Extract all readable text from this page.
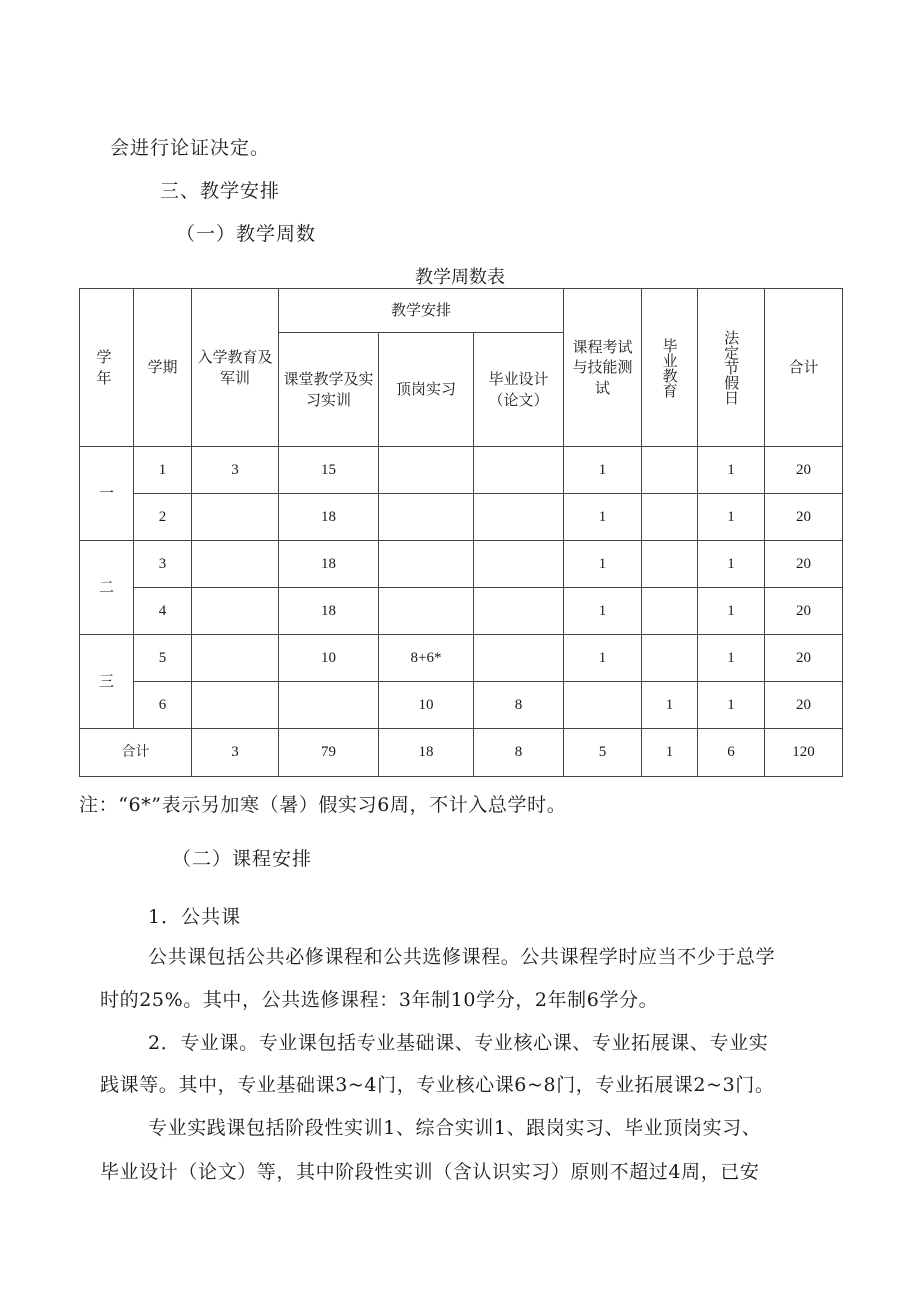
会进行论证决定。
三、教学安排
（一）教学周数
教学周数表
学年	学期	入学教育及军训	教学安排			课程考试与技能测试	毕业教育	法定节假日	合计

			课堂教学及实习实训	顶岗实习	毕业设计（论文）				

一	1	3	15			1		1	20
	2		18			1		1	20
二	3		18			1		1	20
	4		18			1		1	20
三	5		10	8+6*		1		1	20
	6			10	8		1	1	20
合计		3	79	18	8	5	1	6	120
注：“6*”表示另加寒（暑）假实习6周，不计入总学时。
（二）课程安排
1．公共课
公共课包括公共必修课程和公共选修课程。公共课程学时应当不少于总学
时的25%。其中，公共选修课程：3年制10学分，2年制6学分。
2．专业课。专业课包括专业基础课、专业核心课、专业拓展课、专业实
践课等。其中，专业基础课3~4门，专业核心课6~8门，专业拓展课2~3门。
专业实践课包括阶段性实训1、综合实训1、跟岗实习、毕业顶岗实习、
毕业设计（论文）等，其中阶段性实训（含认识实习）原则不超过4周，已安
